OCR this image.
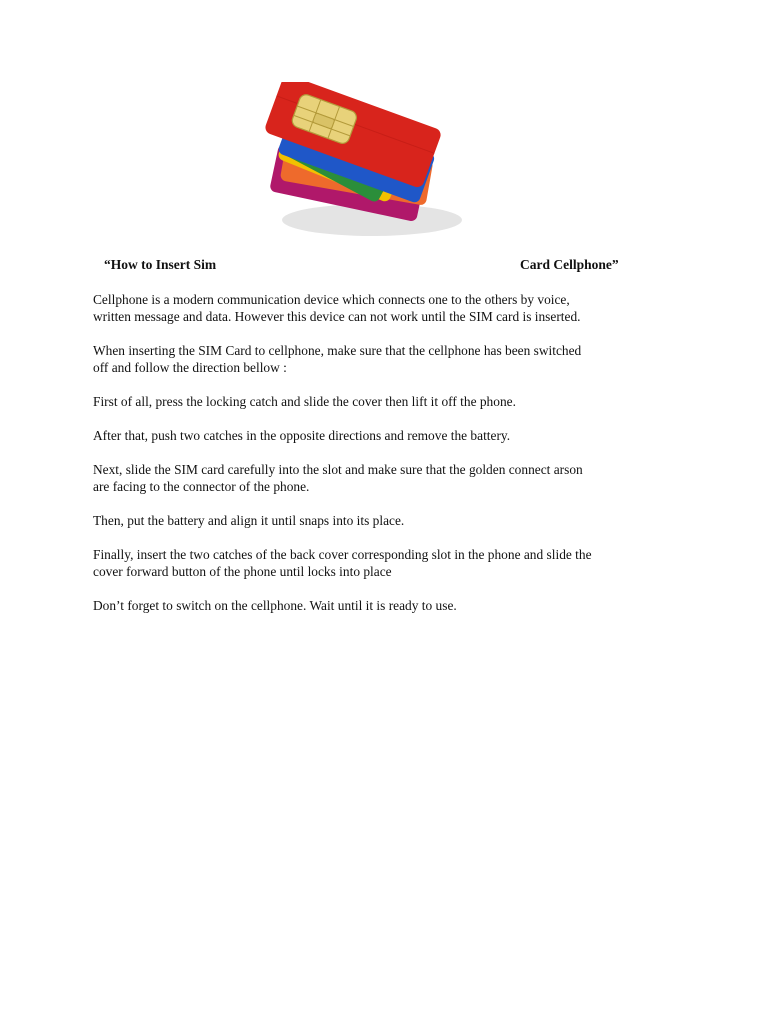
“How to Insert Sim	Card Cellphone”

Cellphone is a modern communication device which connects one to the others by voice,
written message and data. However this device can not work until the SIM card is inserted.

When inserting the SIM Card to cellphone, make sure that the cellphone has been switched
off and follow the direction bellow :

First of all, press the locking catch and slide the cover then lift it off the phone.

After that, push two catches in the opposite directions and remove the battery.

Next, slide the SIM card carefully into the slot and make sure that the golden connect arson
are facing to the connector of the phone.

Then, put the battery and align it until snaps into its place.

Finally, insert the two catches of the back cover corresponding slot in the phone and slide the
cover forward button of the phone until locks into place

Don’t forget to switch on the cellphone. Wait until it is ready to use.
